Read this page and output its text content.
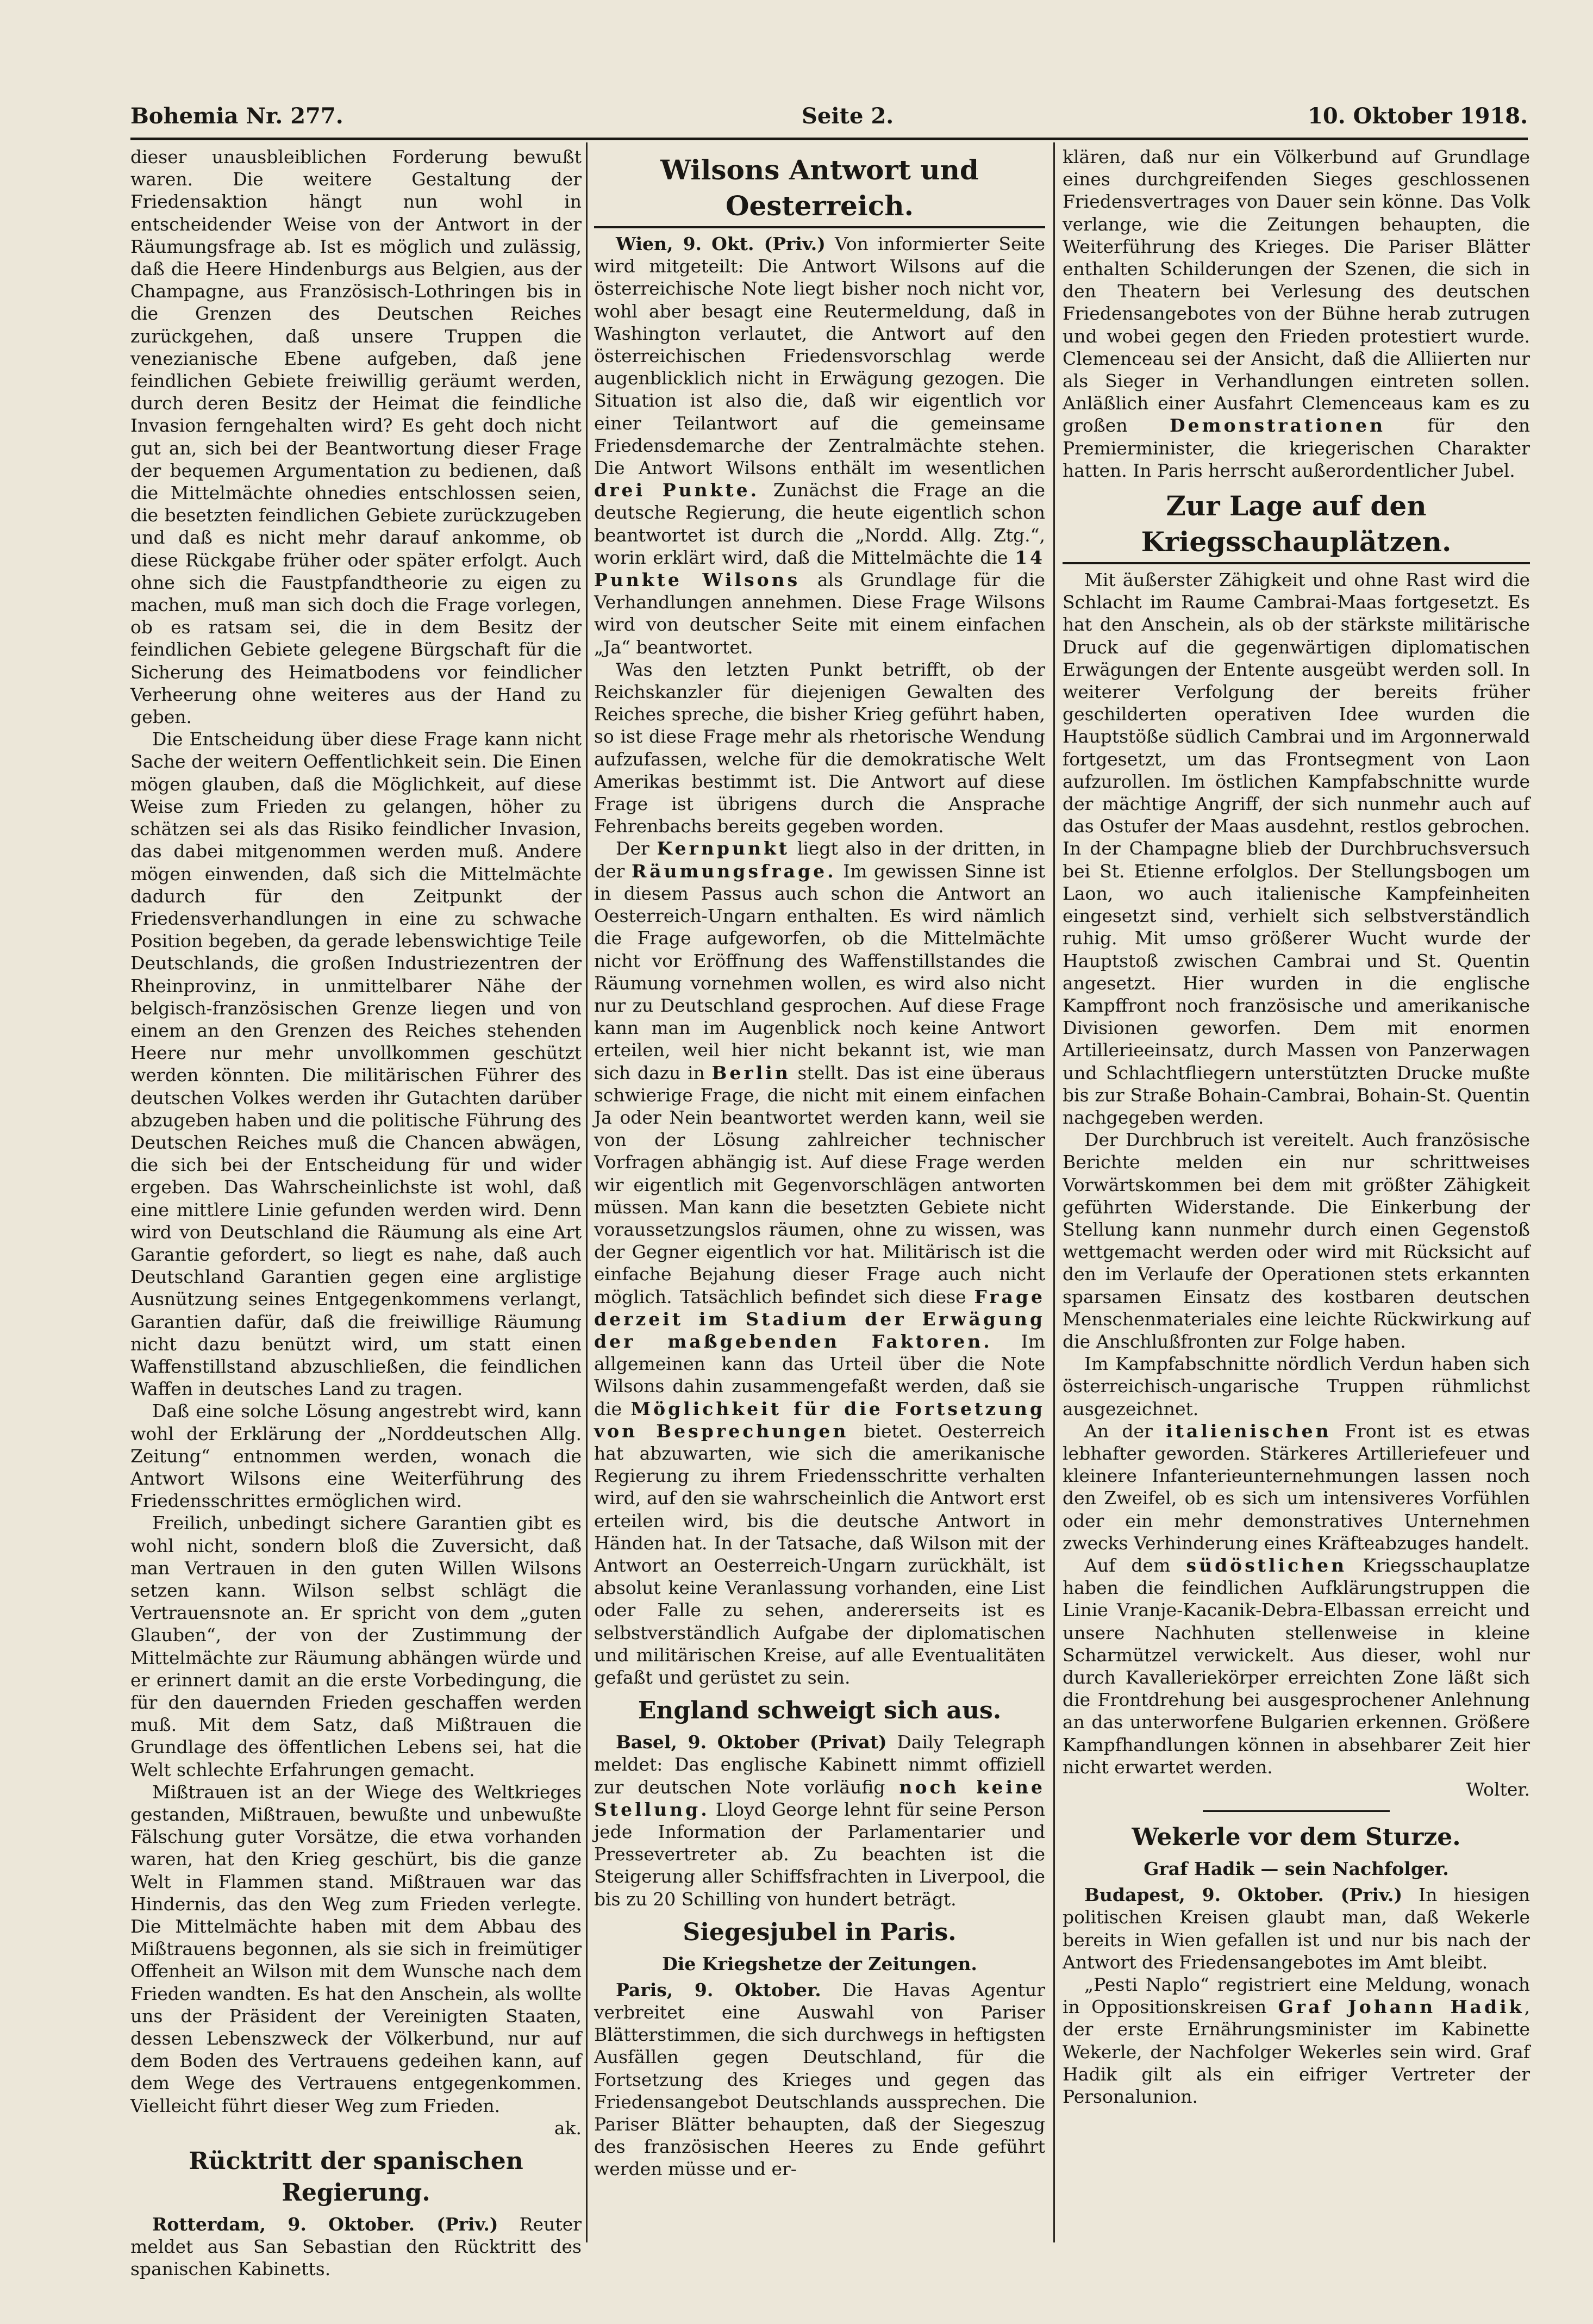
Bohemia Nr. 277.	Seite 2.	10. Oktober 1918.

dieser unausbleiblichen Forderung bewußt waren. Die weitere Gestaltung der Friedensaktion hängt nun wohl in entscheidender Weise von der Antwort in der Räumungsfrage ab. Ist es möglich und zulässig, daß die Heere Hindenburgs aus Belgien, aus der Champagne, aus Französisch-Lothringen bis in die Grenzen des Deutschen Reiches zurückgehen, daß unsere Truppen die venezianische Ebene aufgeben, daß jene feindlichen Gebiete freiwillig geräumt werden, durch deren Besitz der Heimat die feindliche Invasion ferngehalten wird? Es geht doch nicht gut an, sich bei der Beantwortung dieser Frage der bequemen Argumentation zu bedienen, daß die Mittelmächte ohnedies entschlossen seien, die besetzten feindlichen Gebiete zurückzugeben und daß es nicht mehr darauf ankomme, ob diese Rückgabe früher oder später erfolgt. Auch ohne sich die Faustpfandtheorie zu eigen zu machen, muß man sich doch die Frage vorlegen, ob es ratsam sei, die in dem Besitz der feindlichen Gebiete gelegene Bürgschaft für die Sicherung des Heimatbodens vor feindlicher Verheerung ohne weiteres aus der Hand zu geben.

Die Entscheidung über diese Frage kann nicht Sache der weitern Oeffentlichkeit sein. Die Einen mögen glauben, daß die Möglichkeit, auf diese Weise zum Frieden zu gelangen, höher zu schätzen sei als das Risiko feindlicher Invasion, das dabei mitgenommen werden muß. Andere mögen einwenden, daß sich die Mittelmächte dadurch für den Zeitpunkt der Friedensverhandlungen in eine zu schwache Position begeben, da gerade lebenswichtige Teile Deutschlands, die großen Industriezentren der Rheinprovinz, in unmittelbarer Nähe der belgisch-französischen Grenze liegen und von einem an den Grenzen des Reiches stehenden Heere nur mehr unvollkommen geschützt werden könnten. Die militärischen Führer des deutschen Volkes werden ihr Gutachten darüber abzugeben haben und die politische Führung des Deutschen Reiches muß die Chancen abwägen, die sich bei der Entscheidung für und wider ergeben. Das Wahrscheinlichste ist wohl, daß eine mittlere Linie gefunden werden wird. Denn wird von Deutschland die Räumung als eine Art Garantie gefordert, so liegt es nahe, daß auch Deutschland Garantien gegen eine arglistige Ausnützung seines Entgegenkommens verlangt, Garantien dafür, daß die freiwillige Räumung nicht dazu benützt wird, um statt einen Waffenstillstand abzuschließen, die feindlichen Waffen in deutsches Land zu tragen.

Daß eine solche Lösung angestrebt wird, kann wohl der Erklärung der „Norddeutschen Allg. Zeitung“ entnommen werden, wonach die Antwort Wilsons eine Weiterführung des Friedensschrittes ermöglichen wird.

Freilich, unbedingt sichere Garantien gibt es wohl nicht, sondern bloß die Zuversicht, daß man Vertrauen in den guten Willen Wilsons setzen kann. Wilson selbst schlägt die Vertrauensnote an. Er spricht von dem „guten Glauben“, der von der Zustimmung der Mittelmächte zur Räumung abhängen würde und er erinnert damit an die erste Vorbedingung, die für den dauernden Frieden geschaffen werden muß. Mit dem Satz, daß Mißtrauen die Grundlage des öffentlichen Lebens sei, hat die Welt schlechte Erfahrungen gemacht.

Mißtrauen ist an der Wiege des Weltkrieges gestanden, Mißtrauen, bewußte und unbewußte Fälschung guter Vorsätze, die etwa vorhanden waren, hat den Krieg geschürt, bis die ganze Welt in Flammen stand. Mißtrauen war das Hindernis, das den Weg zum Frieden verlegte. Die Mittelmächte haben mit dem Abbau des Mißtrauens begonnen, als sie sich in freimütiger Offenheit an Wilson mit dem Wunsche nach dem Frieden wandten. Es hat den Anschein, als wollte uns der Präsident der Vereinigten Staaten, dessen Lebenszweck der Völkerbund, nur auf dem Boden des Vertrauens gedeihen kann, auf dem Wege des Vertrauens entgegenkommen. Vielleicht führt dieser Weg zum Frieden.

ak.

Rücktritt der spanischen Regierung.

Rotterdam, 9. Oktober. (Priv.) Reuter meldet aus San Sebastian den Rücktritt des spanischen Kabinetts.

Wilsons Antwort und Oesterreich.

Wien, 9. Okt. (Priv.) Von informierter Seite wird mitgeteilt: Die Antwort Wilsons auf die österreichische Note liegt bisher noch nicht vor, wohl aber besagt eine Reutermeldung, daß in Washington verlautet, die Antwort auf den österreichischen Friedensvorschlag werde augenblicklich nicht in Erwägung gezogen. Die Situation ist also die, daß wir eigentlich vor einer Teilantwort auf die gemeinsame Friedensdemarche der Zentralmächte stehen. Die Antwort Wilsons enthält im wesentlichen drei Punkte. Zunächst die Frage an die deutsche Regierung, die heute eigentlich schon beantwortet ist durch die „Nordd. Allg. Ztg.“, worin erklärt wird, daß die Mittelmächte die 14 Punkte Wilsons als Grundlage für die Verhandlungen annehmen. Diese Frage Wilsons wird von deutscher Seite mit einem einfachen „Ja“ beantwortet.

Was den letzten Punkt betrifft, ob der Reichskanzler für diejenigen Gewalten des Reiches spreche, die bisher Krieg geführt haben, so ist diese Frage mehr als rhetorische Wendung aufzufassen, welche für die demokratische Welt Amerikas bestimmt ist. Die Antwort auf diese Frage ist übrigens durch die Ansprache Fehrenbachs bereits gegeben worden.

Der Kernpunkt liegt also in der dritten, in der Räumungsfrage. Im gewissen Sinne ist in diesem Passus auch schon die Antwort an Oesterreich-Ungarn enthalten. Es wird nämlich die Frage aufgeworfen, ob die Mittelmächte nicht vor Eröffnung des Waffenstillstandes die Räumung vornehmen wollen, es wird also nicht nur zu Deutschland gesprochen. Auf diese Frage kann man im Augenblick noch keine Antwort erteilen, weil hier nicht bekannt ist, wie man sich dazu in Berlin stellt. Das ist eine überaus schwierige Frage, die nicht mit einem einfachen Ja oder Nein beantwortet werden kann, weil sie von der Lösung zahlreicher technischer Vorfragen abhängig ist. Auf diese Frage werden wir eigentlich mit Gegenvorschlägen antworten müssen. Man kann die besetzten Gebiete nicht voraussetzungslos räumen, ohne zu wissen, was der Gegner eigentlich vor hat. Militärisch ist die einfache Bejahung dieser Frage auch nicht möglich. Tatsächlich befindet sich diese Frage derzeit im Stadium der Erwägung der maßgebenden Faktoren. Im allgemeinen kann das Urteil über die Note Wilsons dahin zusammengefaßt werden, daß sie die Möglichkeit für die Fortsetzung von Besprechungen bietet. Oesterreich hat abzuwarten, wie sich die amerikanische Regierung zu ihrem Friedensschritte verhalten wird, auf den sie wahrscheinlich die Antwort erst erteilen wird, bis die deutsche Antwort in Händen hat. In der Tatsache, daß Wilson mit der Antwort an Oesterreich-Ungarn zurückhält, ist absolut keine Veranlassung vorhanden, eine List oder Falle zu sehen, andererseits ist es selbstverständlich Aufgabe der diplomatischen und militärischen Kreise, auf alle Eventualitäten gefaßt und gerüstet zu sein.

England schweigt sich aus.

Basel, 9. Oktober (Privat) Daily Telegraph meldet: Das englische Kabinett nimmt offiziell zur deutschen Note vorläufig noch keine Stellung. Lloyd George lehnt für seine Person jede Information der Parlamentarier und Pressevertreter ab. Zu beachten ist die Steigerung aller Schiffsfrachten in Liverpool, die bis zu 20 Schilling von hundert beträgt.

Siegesjubel in Paris.
Die Kriegshetze der Zeitungen.

Paris, 9. Oktober. Die Havas Agentur verbreitet eine Auswahl von Pariser Blätterstimmen, die sich durchwegs in heftigsten Ausfällen gegen Deutschland, für die Fortsetzung des Krieges und gegen das Friedensangebot Deutschlands aussprechen. Die Pariser Blätter behaupten, daß der Siegeszug des französischen Heeres zu Ende geführt werden müsse und er-

klären, daß nur ein Völkerbund auf Grundlage eines durchgreifenden Sieges geschlossenen Friedensvertrages von Dauer sein könne. Das Volk verlange, wie die Zeitungen behaupten, die Weiterführung des Krieges. Die Pariser Blätter enthalten Schilderungen der Szenen, die sich in den Theatern bei Verlesung des deutschen Friedensangebotes von der Bühne herab zutrugen und wobei gegen den Frieden protestiert wurde. Clemenceau sei der Ansicht, daß die Alliierten nur als Sieger in Verhandlungen eintreten sollen. Anläßlich einer Ausfahrt Clemenceaus kam es zu großen Demonstrationen für den Premierminister, die kriegerischen Charakter hatten. In Paris herrscht außerordentlicher Jubel.

Zur Lage auf den Kriegsschauplätzen.

Mit äußerster Zähigkeit und ohne Rast wird die Schlacht im Raume Cambrai-Maas fortgesetzt. Es hat den Anschein, als ob der stärkste militärische Druck auf die gegenwärtigen diplomatischen Erwägungen der Entente ausgeübt werden soll. In weiterer Verfolgung der bereits früher geschilderten operativen Idee wurden die Hauptstöße südlich Cambrai und im Argonnerwald fortgesetzt, um das Frontsegment von Laon aufzurollen. Im östlichen Kampfabschnitte wurde der mächtige Angriff, der sich nunmehr auch auf das Ostufer der Maas ausdehnt, restlos gebrochen. In der Champagne blieb der Durchbruchsversuch bei St. Etienne erfolglos. Der Stellungsbogen um Laon, wo auch italienische Kampfeinheiten eingesetzt sind, verhielt sich selbstverständlich ruhig. Mit umso größerer Wucht wurde der Hauptstoß zwischen Cambrai und St. Quentin angesetzt. Hier wurden in die englische Kampffront noch französische und amerikanische Divisionen geworfen. Dem mit enormen Artillerieeinsatz, durch Massen von Panzerwagen und Schlachtfliegern unterstützten Drucke mußte bis zur Straße Bohain-Cambrai, Bohain-St. Quentin nachgegeben werden.

Der Durchbruch ist vereitelt. Auch französische Berichte melden ein nur schrittweises Vorwärtskommen bei dem mit größter Zähigkeit geführten Widerstande. Die Einkerbung der Stellung kann nunmehr durch einen Gegenstoß wettgemacht werden oder wird mit Rücksicht auf den im Verlaufe der Operationen stets erkannten sparsamen Einsatz des kostbaren deutschen Menschenmateriales eine leichte Rückwirkung auf die Anschlußfronten zur Folge haben.

Im Kampfabschnitte nördlich Verdun haben sich österreichisch-ungarische Truppen rühmlichst ausgezeichnet.

An der italienischen Front ist es etwas lebhafter geworden. Stärkeres Artilleriefeuer und kleinere Infanterieunternehmungen lassen noch den Zweifel, ob es sich um intensiveres Vorfühlen oder ein mehr demonstratives Unternehmen zwecks Verhinderung eines Kräfteabzuges handelt.

Auf dem südöstlichen Kriegsschauplatze haben die feindlichen Aufklärungstruppen die Linie Vranje-Kacanik-Debra-Elbassan erreicht und unsere Nachhuten stellenweise in kleine Scharmützel verwickelt. Aus dieser, wohl nur durch Kavalleriekörper erreichten Zone läßt sich die Frontdrehung bei ausgesprochener Anlehnung an das unterworfene Bulgarien erkennen. Größere Kampfhandlungen können in absehbarer Zeit hier nicht erwartet werden.

Wolter.

Wekerle vor dem Sturze.
Graf Hadik — sein Nachfolger.

Budapest, 9. Oktober. (Priv.) In hiesigen politischen Kreisen glaubt man, daß Wekerle bereits in Wien gefallen ist und nur bis nach der Antwort des Friedensangebotes im Amt bleibt.

„Pesti Naplo“ registriert eine Meldung, wonach in Oppositionskreisen Graf Johann Hadik, der erste Ernährungsminister im Kabinette Wekerle, der Nachfolger Wekerles sein wird. Graf Hadik gilt als ein eifriger Vertreter der Personalunion.
